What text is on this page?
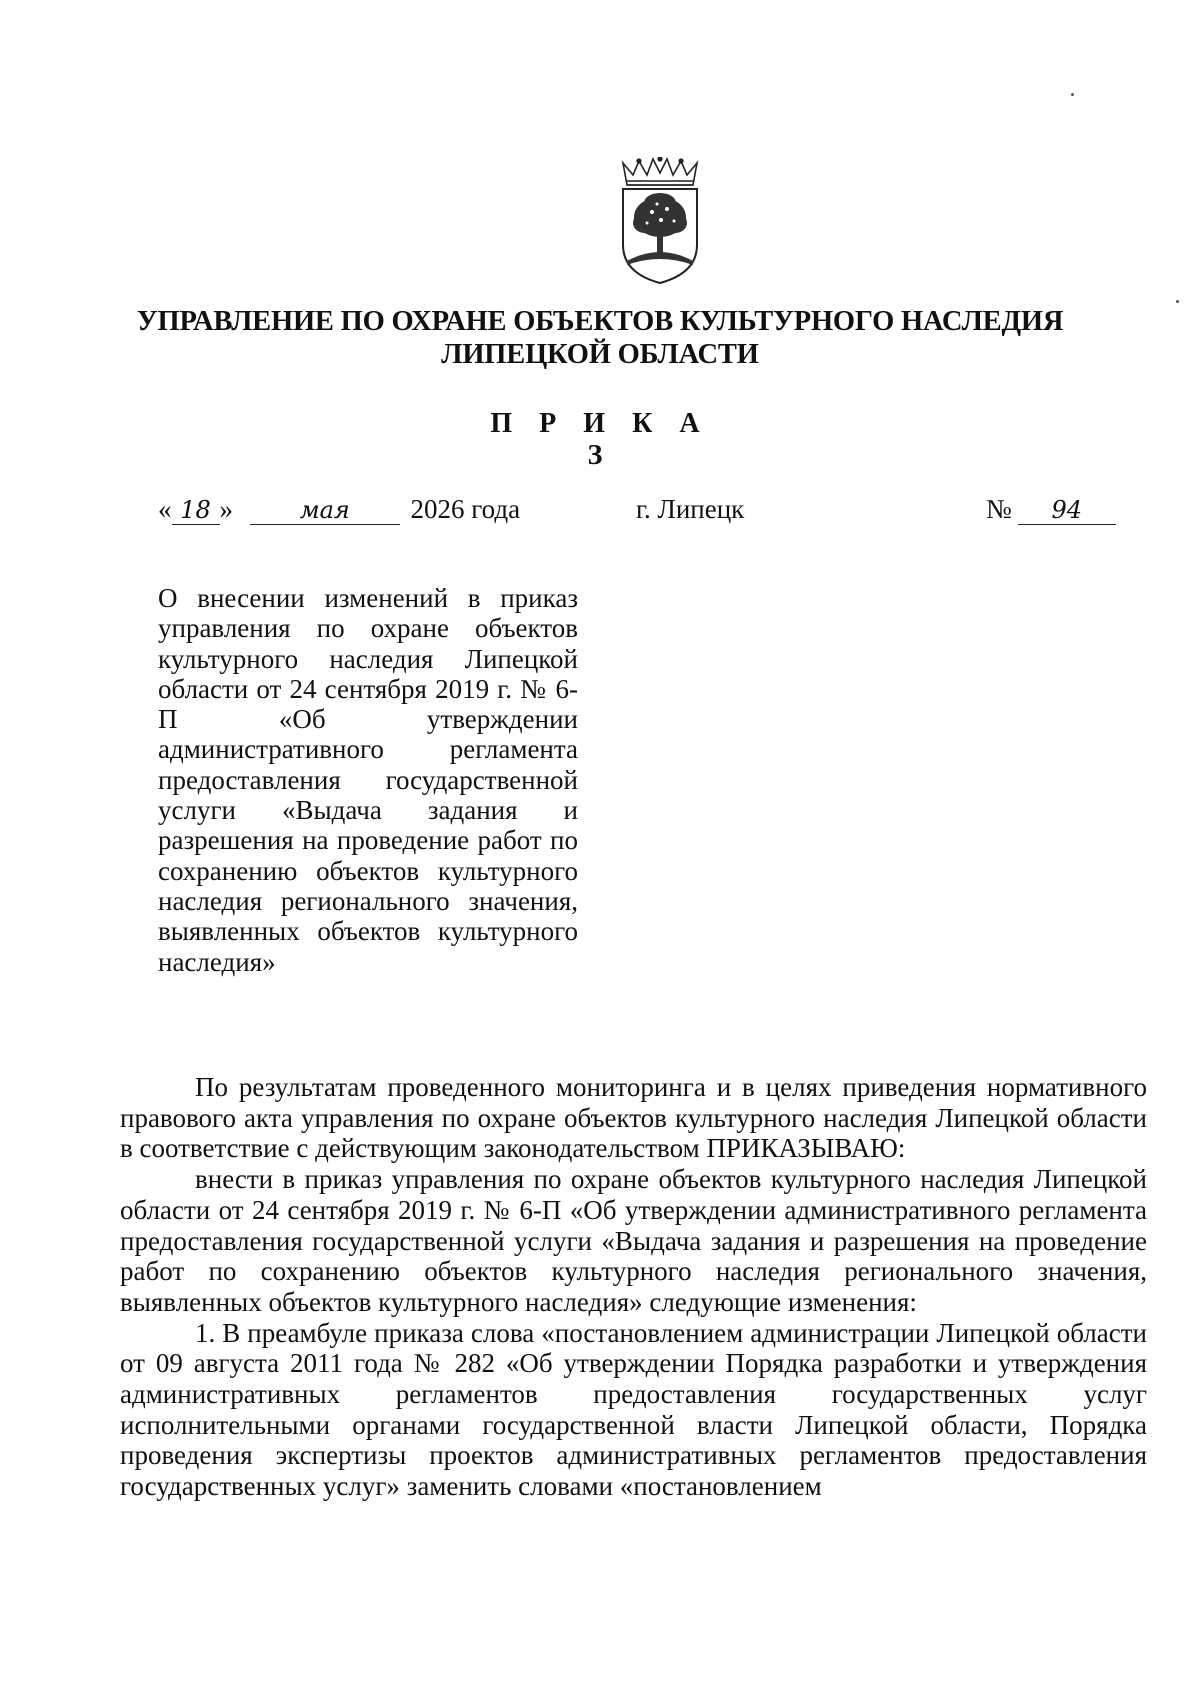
УПРАВЛЕНИЕ ПО ОХРАНЕ ОБЪЕКТОВ КУЛЬТУРНОГО НАСЛЕДИЯ
ЛИПЕЦКОЙ ОБЛАСТИ
П Р И К А З
« 18 »	мая 2026 года	г. Липецк	№ 94
О внесении изменений в приказ управления по охране объектов культурного наследия Липецкой области от 24 сентября 2019 г. № 6-П «Об утверждении административного регламента предоставления государственной услуги «Выдача задания и разрешения на проведение работ по сохранению объектов культурного наследия регионального значения, выявленных объектов культурного наследия»

По результатам проведенного мониторинга и в целях приведения нормативного правового акта управления по охране объектов культурного наследия Липецкой области в соответствие с действующим законодательством ПРИКАЗЫВАЮ:

внести в приказ управления по охране объектов культурного наследия Липецкой области от 24 сентября 2019 г. № 6-П «Об утверждении административного регламента предоставления государственной услуги «Выдача задания и разрешения на проведение работ по сохранению объектов культурного наследия регионального значения, выявленных объектов культурного наследия» следующие изменения:

1. В преамбуле приказа слова «постановлением администрации Липецкой области от 09 августа 2011 года № 282 «Об утверждении Порядка разработки и утверждения административных регламентов предоставления государственных услуг исполнительными органами государственной власти Липецкой области, Порядка проведения экспертизы проектов административных регламентов предоставления государственных услуг» заменить словами «постановлением
